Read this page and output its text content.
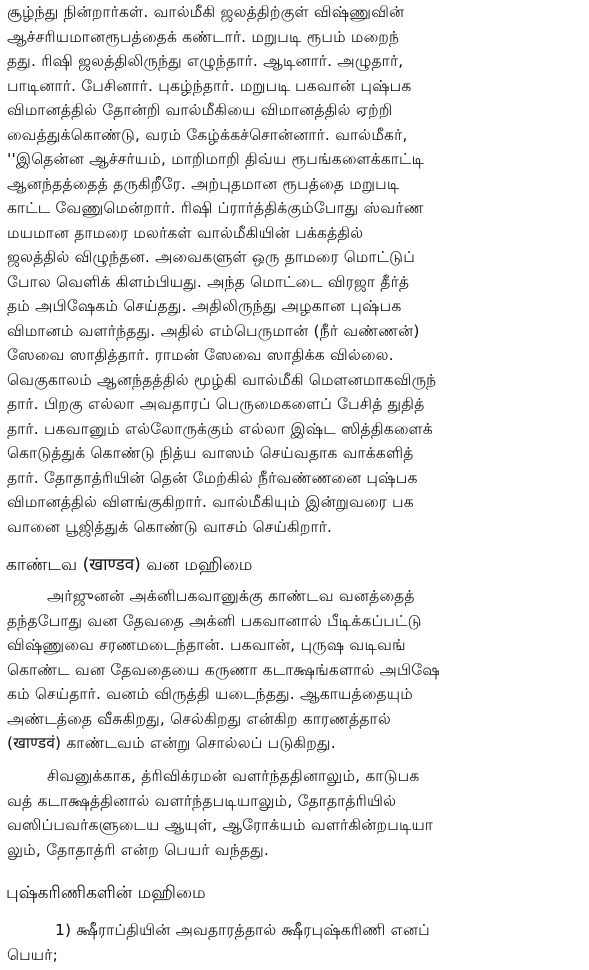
சூழ்ந்து நின்றார்கள். வால்மீகி ஜலத்திற்குள் விஷ்ணுவின்
ஆச்சரியமானரூபத்தைக் கண்டார். மறுபடி ரூபம் மறைந்
தது. ரிஷி ஜலத்திலிருந்து எழுந்தார். ஆடினார். அழுதார்,
பாடினார். பேசினார். புகழ்ந்தார். மறுபடி பகவான் புஷ்பக
விமானத்தில் தோன்றி வால்மீகியை விமானத்தில் ஏற்றி
வைத்துக்கொண்டு, வரம் கேழ்க்கச்சொன்னார். வால்மீகர்,
''இதென்ன ஆச்சர்யம், மாறிமாறி திவ்ய ரூபங்களைக்காட்டி
ஆனந்தத்தைத் தருகிறீரே. அற்புதமான ரூபத்தை மறுபடி
காட்ட வேணுமென்றார். ரிஷி ப்ரார்த்திக்கும்போது ஸ்வர்ண
மயமான தாமரை மலர்கள் வால்மீகியின் பக்கத்தில்
ஜலத்தில் விழுந்தன. அவைகளுள் ஒரு தாமரை மொட்டுப்
போல வெளிக் கிளம்பியது. அந்த மொட்டை விரஜா தீர்த்
தம் அபிஷேகம் செய்தது. அதிலிருந்து அழகான புஷ்பக
விமானம் வளர்ந்தது. அதில் எம்பெருமான் (நீர் வண்ணன்)
ஸேவை ஸாதித்தார். ராமன் ஸேவை ஸாதிக்க வில்லை.
வெகுகாலம் ஆனந்தத்தில் மூழ்கி வால்மீகி மௌனமாகவிருந்
தார். பிறகு எல்லா அவதாரப் பெருமைகளைப் பேசித் துதித்
தார். பகவானும் எல்லோருக்கும் எல்லா இஷ்ட ஸித்திகளைக்
கொடுத்துக் கொண்டு நித்ய வாஸம் செய்வதாக வாக்களித்
தார். தோதாத்ரியின் தென் மேற்கில் நீர்வண்ணனை புஷ்பக
விமானத்தில் விளங்குகிறார். வால்மீகியும் இன்றுவரை பக
வானை பூஜித்துக் கொண்டு வாசம் செய்கிறார்.
காண்டவ (खाण्डव) வன மஹிமை
அர்ஜுனன் அக்னிபகவானுக்கு காண்டவ வனத்தைத்
தந்தபோது வன தேவதை அக்னி பகவானால் பீடிக்கப்பட்டு
விஷ்ணுவை சரணமடைந்தான். பகவான், புருஷ வடிவங்
கொண்ட வன தேவதையை கருணா கடாக்ஷங்களால் அபிஷே
கம் செய்தார். வனம் விருத்தி யடைந்தது. ஆகாயத்தையும்
அண்டத்தை வீசுகிறது, செல்கிறது என்கிற காரணத்தால்
(खाण्डवं) காண்டவம் என்று சொல்லப் படுகிறது.
சிவனுக்காக, த்ரிவிக்ரமன் வளர்ந்ததினாலும், காடுபக
வத் கடாக்ஷத்தினால் வளர்ந்தபடியாலும், தோதாத்ரியில்
வஸிப்பவர்களுடைய ஆயுள், ஆரோக்யம் வளர்கின்றபடியா
லும், தோதாத்ரி என்ற பெயர் வந்தது.
புஷ்கரிணிகளின் மஹிமை
1) க்ஷீராப்தியின் அவதாரத்தால் க்ஷீரபுஷ்கரிணி எனப்
பெயர்;
